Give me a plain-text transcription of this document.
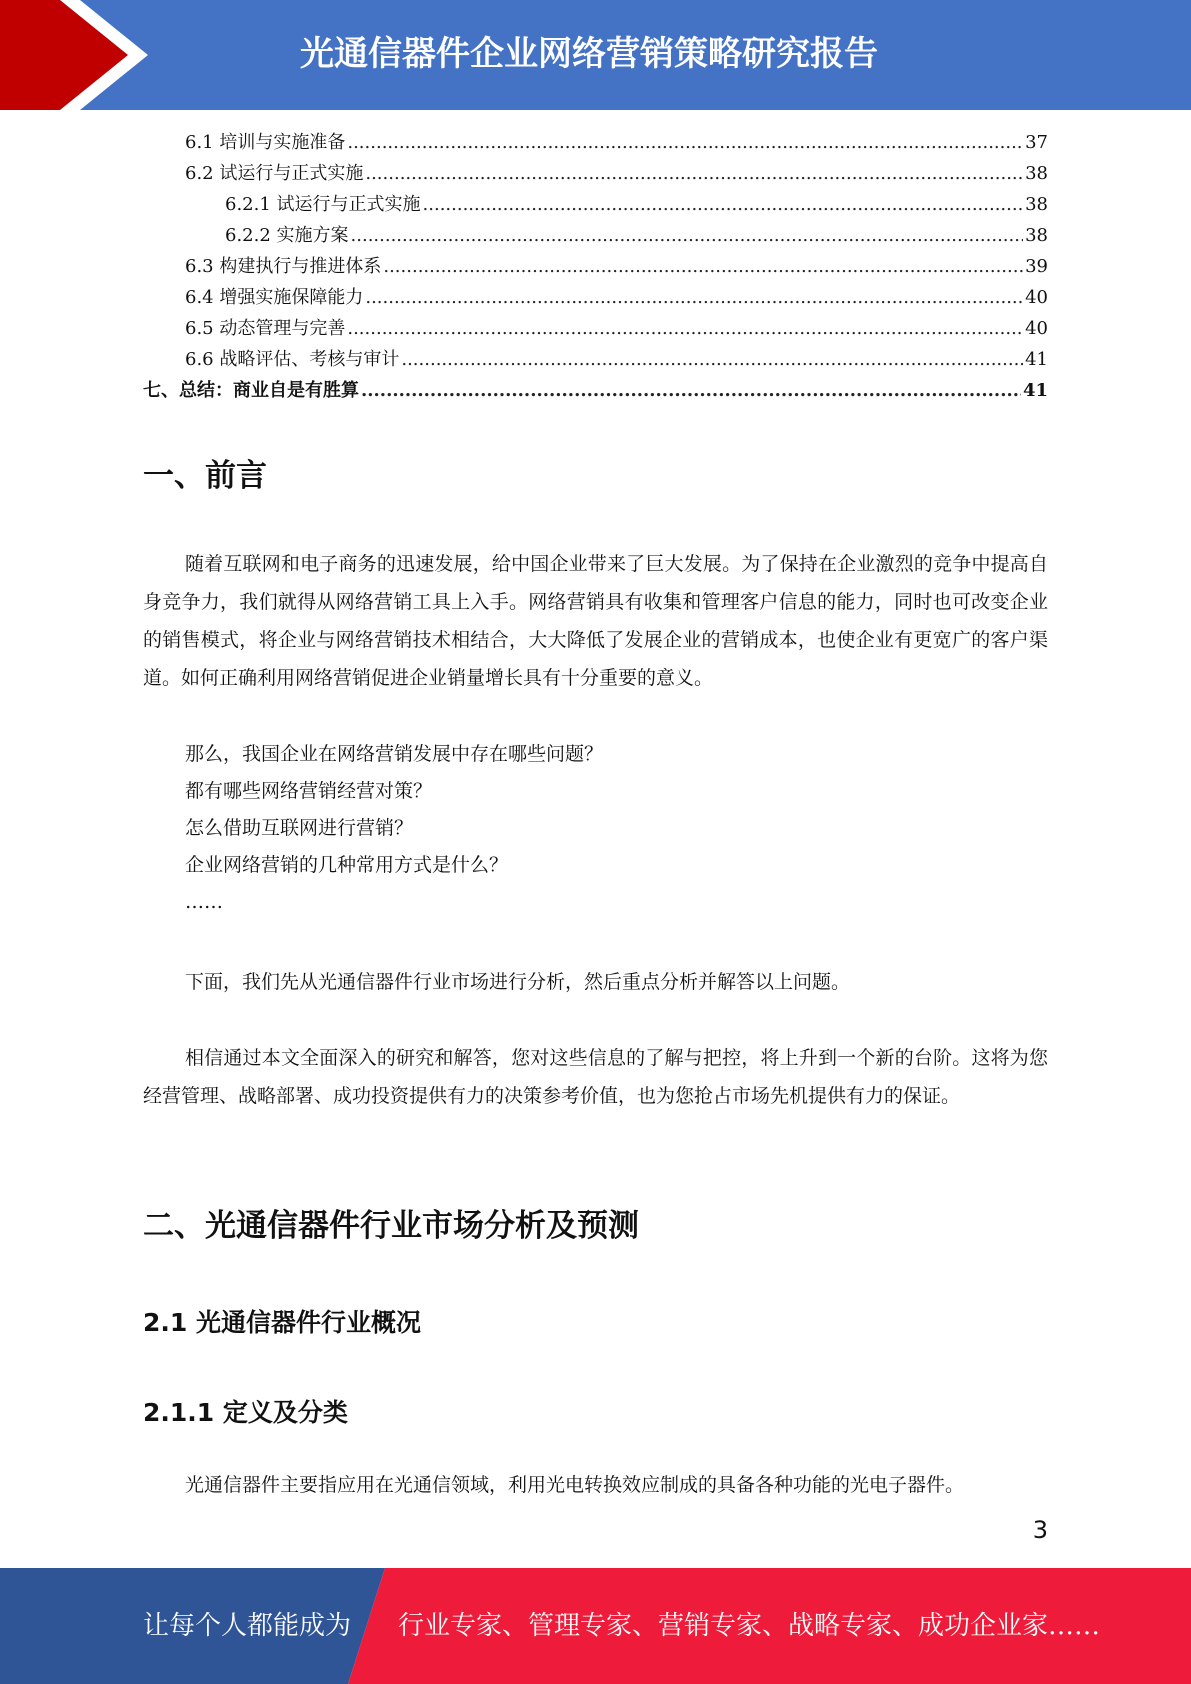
光通信器件企业网络营销策略研究报告
6.1 培训与实施准备 .....	37
6.2 试运行与正式实施 .....	38
6.2.1 试运行与正式实施 .....	38
6.2.2 实施方案 .....	38
6.3 构建执行与推进体系 .....	39
6.4 增强实施保障能力 .....	40
6.5 动态管理与完善 .....	40
6.6 战略评估、考核与审计 .....	41
七、总结：商业自是有胜算 .....	41
一、前言

随着互联网和电子商务的迅速发展，给中国企业带来了巨大发展。为了保持在企业激烈的竞争中提高自身竞争力，我们就得从网络营销工具上入手。网络营销具有收集和管理客户信息的能力，同时也可改变企业的销售模式，将企业与网络营销技术相结合，大大降低了发展企业的营销成本，也使企业有更宽广的客户渠道。如何正确利用网络营销促进企业销量增长具有十分重要的意义。

那么，我国企业在网络营销发展中存在哪些问题？
都有哪些网络营销经营对策？
怎么借助互联网进行营销？
企业网络营销的几种常用方式是什么？
……

下面，我们先从光通信器件行业市场进行分析，然后重点分析并解答以上问题。

相信通过本文全面深入的研究和解答，您对这些信息的了解与把控，将上升到一个新的台阶。这将为您经营管理、战略部署、成功投资提供有力的决策参考价值，也为您抢占市场先机提供有力的保证。

二、光通信器件行业市场分析及预测
2.1 光通信器件行业概况
2.1.1 定义及分类

光通信器件主要指应用在光通信领域，利用光电转换效应制成的具备各种功能的光电子器件。

3
让每个人都能成为 行业专家、管理专家、营销专家、战略专家、成功企业家……
